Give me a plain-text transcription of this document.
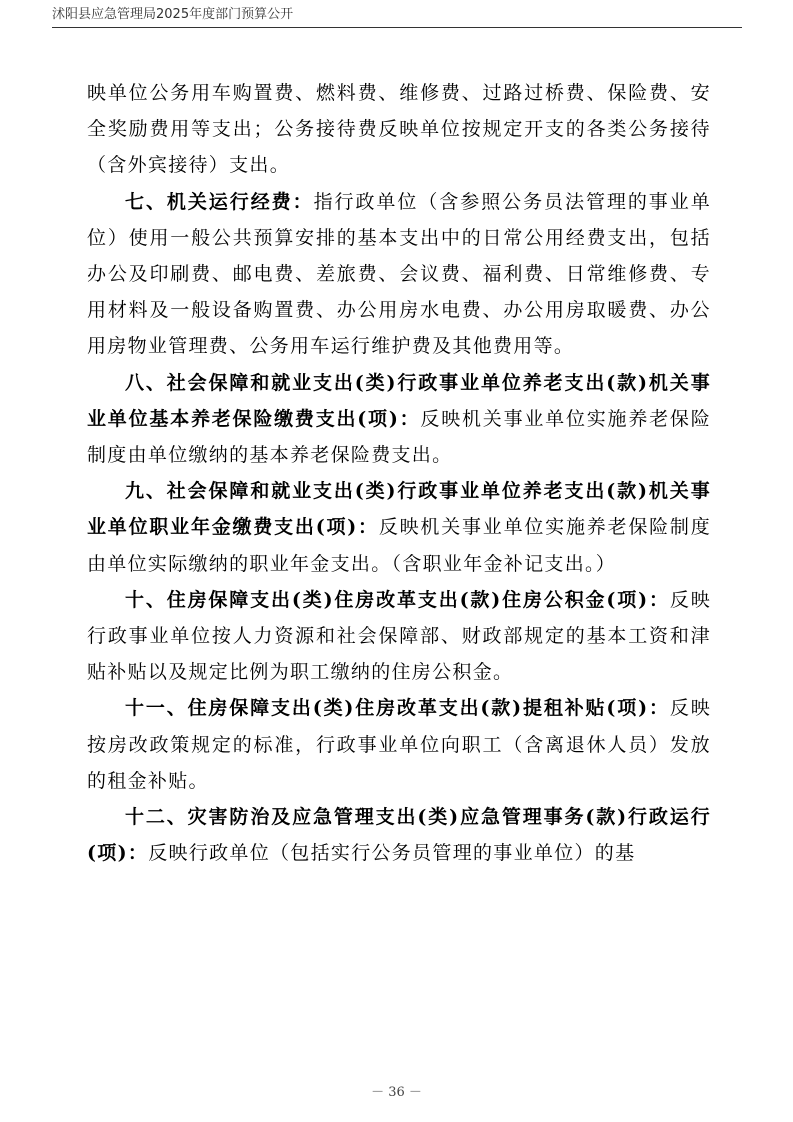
沭阳县应急管理局2025年度部门预算公开

映单位公务用车购置费、燃料费、维修费、过路过桥费、保险费、安全奖励费用等支出；公务接待费反映单位按规定开支的各类公务接待（含外宾接待）支出。

七、机关运行经费：指行政单位（含参照公务员法管理的事业单位）使用一般公共预算安排的基本支出中的日常公用经费支出，包括办公及印刷费、邮电费、差旅费、会议费、福利费、日常维修费、专用材料及一般设备购置费、办公用房水电费、办公用房取暖费、办公用房物业管理费、公务用车运行维护费及其他费用等。

八、社会保障和就业支出(类)行政事业单位养老支出(款)机关事业单位基本养老保险缴费支出(项)：反映机关事业单位实施养老保险制度由单位缴纳的基本养老保险费支出。

九、社会保障和就业支出(类)行政事业单位养老支出(款)机关事业单位职业年金缴费支出(项)：反映机关事业单位实施养老保险制度由单位实际缴纳的职业年金支出。（含职业年金补记支出。）

十、住房保障支出(类)住房改革支出(款)住房公积金(项)：反映行政事业单位按人力资源和社会保障部、财政部规定的基本工资和津贴补贴以及规定比例为职工缴纳的住房公积金。

十一、住房保障支出(类)住房改革支出(款)提租补贴(项)：反映按房改政策规定的标准，行政事业单位向职工（含离退休人员）发放的租金补贴。

十二、灾害防治及应急管理支出(类)应急管理事务(款)行政运行(项)：反映行政单位（包括实行公务员管理的事业单位）的基

－ 36 －
